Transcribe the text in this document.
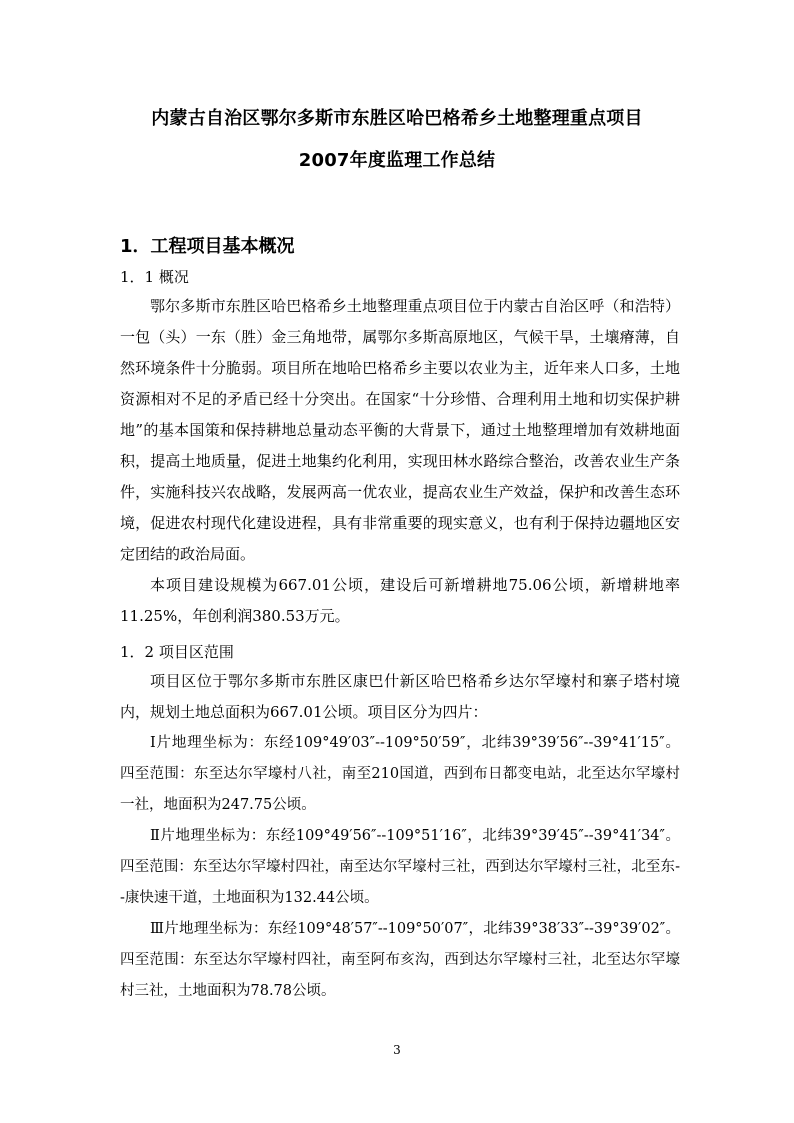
内蒙古自治区鄂尔多斯市东胜区哈巴格希乡土地整理重点项目
2007年度监理工作总结
1．工程项目基本概况
1．1 概况

鄂尔多斯市东胜区哈巴格希乡土地整理重点项目位于内蒙古自治区呼（和浩特）一包（头）一东（胜）金三角地带，属鄂尔多斯高原地区，气候干旱，土壤瘠薄，自然环境条件十分脆弱。项目所在地哈巴格希乡主要以农业为主，近年来人口多，土地资源相对不足的矛盾已经十分突出。在国家“十分珍惜、合理利用土地和切实保护耕地”的基本国策和保持耕地总量动态平衡的大背景下，通过土地整理增加有效耕地面积，提高土地质量，促进土地集约化利用，实现田林水路综合整治，改善农业生产条件，实施科技兴农战略，发展两高一优农业，提高农业生产效益，保护和改善生态环境，促进农村现代化建设进程，具有非常重要的现实意义，也有利于保持边疆地区安定团结的政治局面。

本项目建设规模为667.01公顷，建设后可新增耕地75.06公顷，新增耕地率11.25%，年创利润380.53万元。

1．2 项目区范围

项目区位于鄂尔多斯市东胜区康巴什新区哈巴格希乡达尔罕壕村和寨子塔村境内，规划土地总面积为667.01公顷。项目区分为四片：

Ⅰ片地理坐标为：东经109°49′03″--109°50′59″，北纬39°39′56″--39°41′15″。四至范围：东至达尔罕壕村八社，南至210国道，西到布日都变电站，北至达尔罕壕村一社，地面积为247.75公顷。

Ⅱ片地理坐标为：东经109°49′56″--109°51′16″，北纬39°39′45″--39°41′34″。四至范围：东至达尔罕壕村四社，南至达尔罕壕村三社，西到达尔罕壕村三社，北至东--康快速干道，土地面积为132.44公顷。

Ⅲ片地理坐标为：东经109°48′57″--109°50′07″，北纬39°38′33″--39°39′02″。四至范围：东至达尔罕壕村四社，南至阿布亥沟，西到达尔罕壕村三社，北至达尔罕壕村三社，土地面积为78.78公顷。

3
